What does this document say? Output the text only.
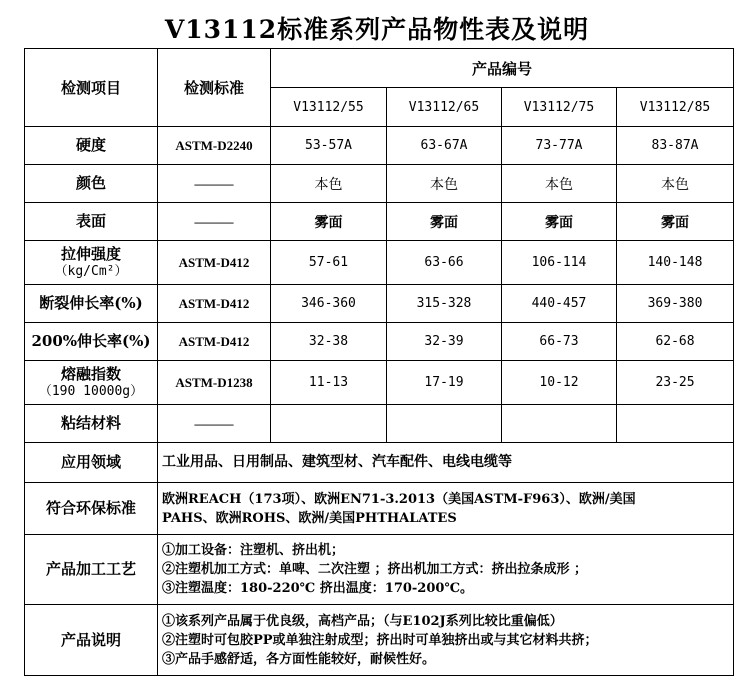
V13112标准系列产品物性表及说明
检测项目	检测标准	产品编号			
		V13112/55	V13112/65	V13112/75	V13112/85

硬度	ASTM-D2240	53-57A	63-67A	73-77A	83-87A

颜色	———	本色	本色	本色	本色

表面	———	雾面	雾面	雾面	雾面

拉伸强度
（kg/Cm²）	ASTM-D412	57-61	63-66	106-114	140-148

断裂伸长率(%)	ASTM-D412	346-360	315-328	440-457	369-380

200%伸长率(%)	ASTM-D412	32-38	32-39	66-73	62-68

熔融指数
（190 10000g）	ASTM-D1238	11-13	17-19	10-12	23-25

粘结材料	———				
应用领域	工业用品、日用制品、建筑型材、汽车配件、电线电缆等				
符合环保标准	欧洲REACH（173项）、欧洲EN71-3.2013（美国ASTM-F963）、欧洲/美国
PAHS、欧洲ROHS、欧洲/美国PHTHALATES				

产品加工工艺	①加工设备：注塑机、挤出机；
②注塑机加工方式：单啤、二次注塑 ；挤出机加工方式：挤出拉条成形 ；
③注塑温度：180-220℃ 挤出温度：170-200℃。				

产品说明	①该系列产品属于优良级，高档产品；（与E102J系列比较比重偏低）
②注塑时可包胶PP或单独注射成型；挤出时可单独挤出或与其它材料共挤；
③产品手感舒适，各方面性能较好，耐候性好。				
